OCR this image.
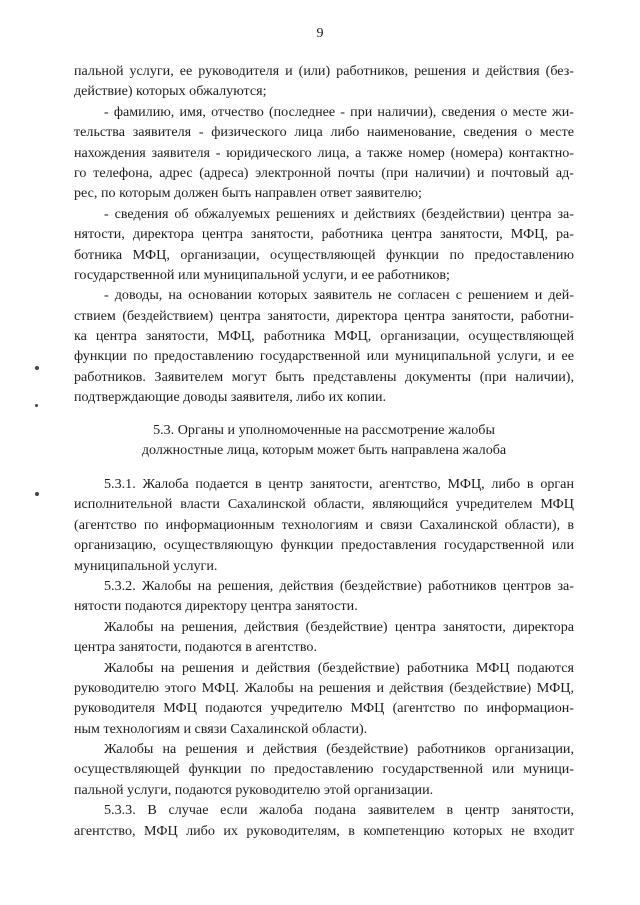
9
пальной услуги, ее руководителя и (или) работников, решения и действия (без-
действие) которых обжалуются;
- фамилию, имя, отчество (последнее - при наличии), сведения о месте жи-
тельства заявителя - физического лица либо наименование, сведения о месте
нахождения заявителя - юридического лица, а также номер (номера) контактно-
го телефона, адрес (адреса) электронной почты (при наличии) и почтовый ад-
рес, по которым должен быть направлен ответ заявителю;
- сведения об обжалуемых решениях и действиях (бездействии) центра за-
нятости, директора центра занятости, работника центра занятости, МФЦ, ра-
ботника МФЦ, организации, осуществляющей функции по предоставлению
государственной или муниципальной услуги, и ее работников;
- доводы, на основании которых заявитель не согласен с решением и дей-
ствием (бездействием) центра занятости, директора центра занятости, работни-
ка центра занятости, МФЦ, работника МФЦ, организации, осуществляющей
функции по предоставлению государственной или муниципальной услуги, и ее
работников. Заявителем могут быть представлены документы (при наличии),
подтверждающие доводы заявителя, либо их копии.
5.3. Органы и уполномоченные на рассмотрение жалобы
должностные лица, которым может быть направлена жалоба
5.3.1. Жалоба подается в центр занятости, агентство, МФЦ, либо в орган
исполнительной власти Сахалинской области, являющийся учредителем МФЦ
(агентство по информационным технологиям и связи Сахалинской области), в
организацию, осуществляющую функции предоставления государственной или
муниципальной услуги.
5.3.2. Жалобы на решения, действия (бездействие) работников центров за-
нятости подаются директору центра занятости.
Жалобы на решения, действия (бездействие) центра занятости, директора
центра занятости, подаются в агентство.
Жалобы на решения и действия (бездействие) работника МФЦ подаются
руководителю этого МФЦ. Жалобы на решения и действия (бездействие) МФЦ,
руководителя МФЦ подаются учредителю МФЦ (агентство по информацион-
ным технологиям и связи Сахалинской области).
Жалобы на решения и действия (бездействие) работников организации,
осуществляющей функции по предоставлению государственной или муници-
пальной услуги, подаются руководителю этой организации.
5.3.3. В случае если жалоба подана заявителем в центр занятости,
агентство, МФЦ либо их руководителям, в компетенцию которых не входит
